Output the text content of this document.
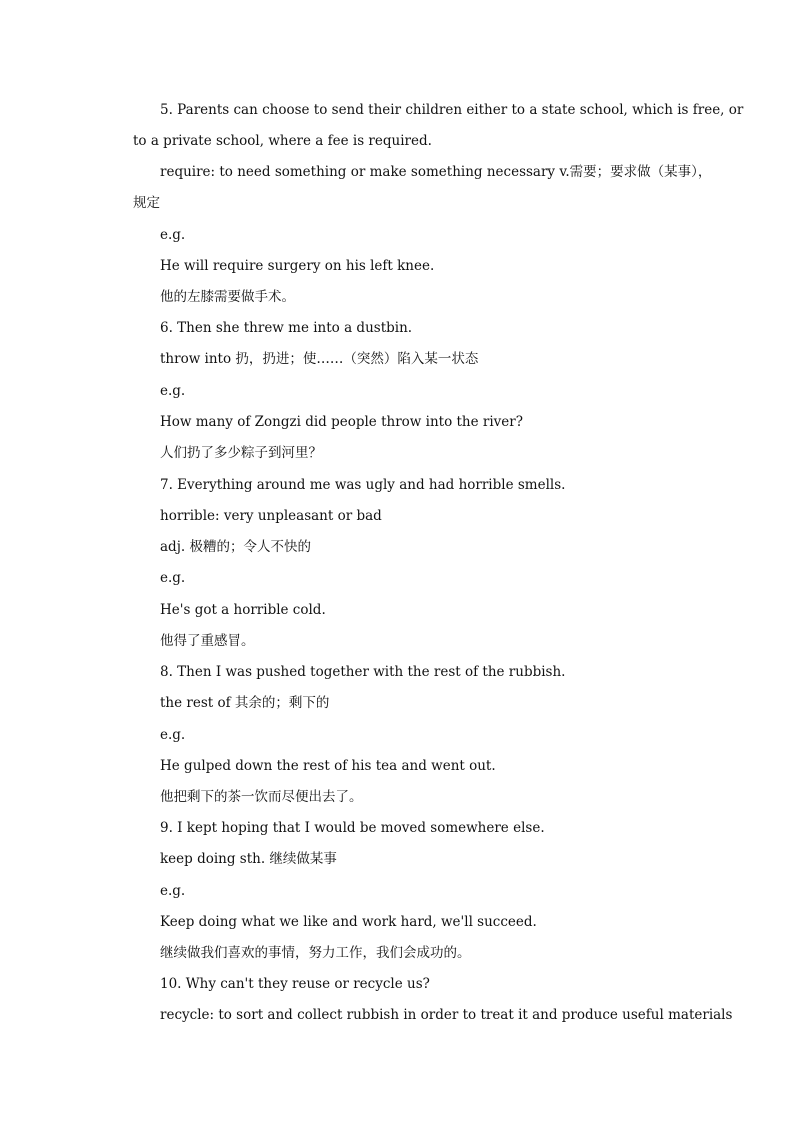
5. Parents can choose to send their children either to a state school, which is free, or
to a private school, where a fee is required.
require: to need something or make something necessary v.需要；要求做（某事），
规定
e.g.
He will require surgery on his left knee.
他的左膝需要做手术。
6. Then she threw me into a dustbin.
throw into 扔，扔进；使……（突然）陷入某一状态
e.g.
How many of Zongzi did people throw into the river?
人们扔了多少粽子到河里？
7. Everything around me was ugly and had horrible smells.
horrible: very unpleasant or bad
adj. 极糟的；令人不快的
e.g.
He's got a horrible cold.
他得了重感冒。
8. Then I was pushed together with the rest of the rubbish.
the rest of 其余的；剩下的
e.g.
He gulped down the rest of his tea and went out.
他把剩下的茶一饮而尽便出去了。
9. I kept hoping that I would be moved somewhere else.
keep doing sth. 继续做某事
e.g.
Keep doing what we like and work hard, we'll succeed.
继续做我们喜欢的事情，努力工作，我们会成功的。
10. Why can't they reuse or recycle us?
recycle: to sort and collect rubbish in order to treat it and produce useful materials
